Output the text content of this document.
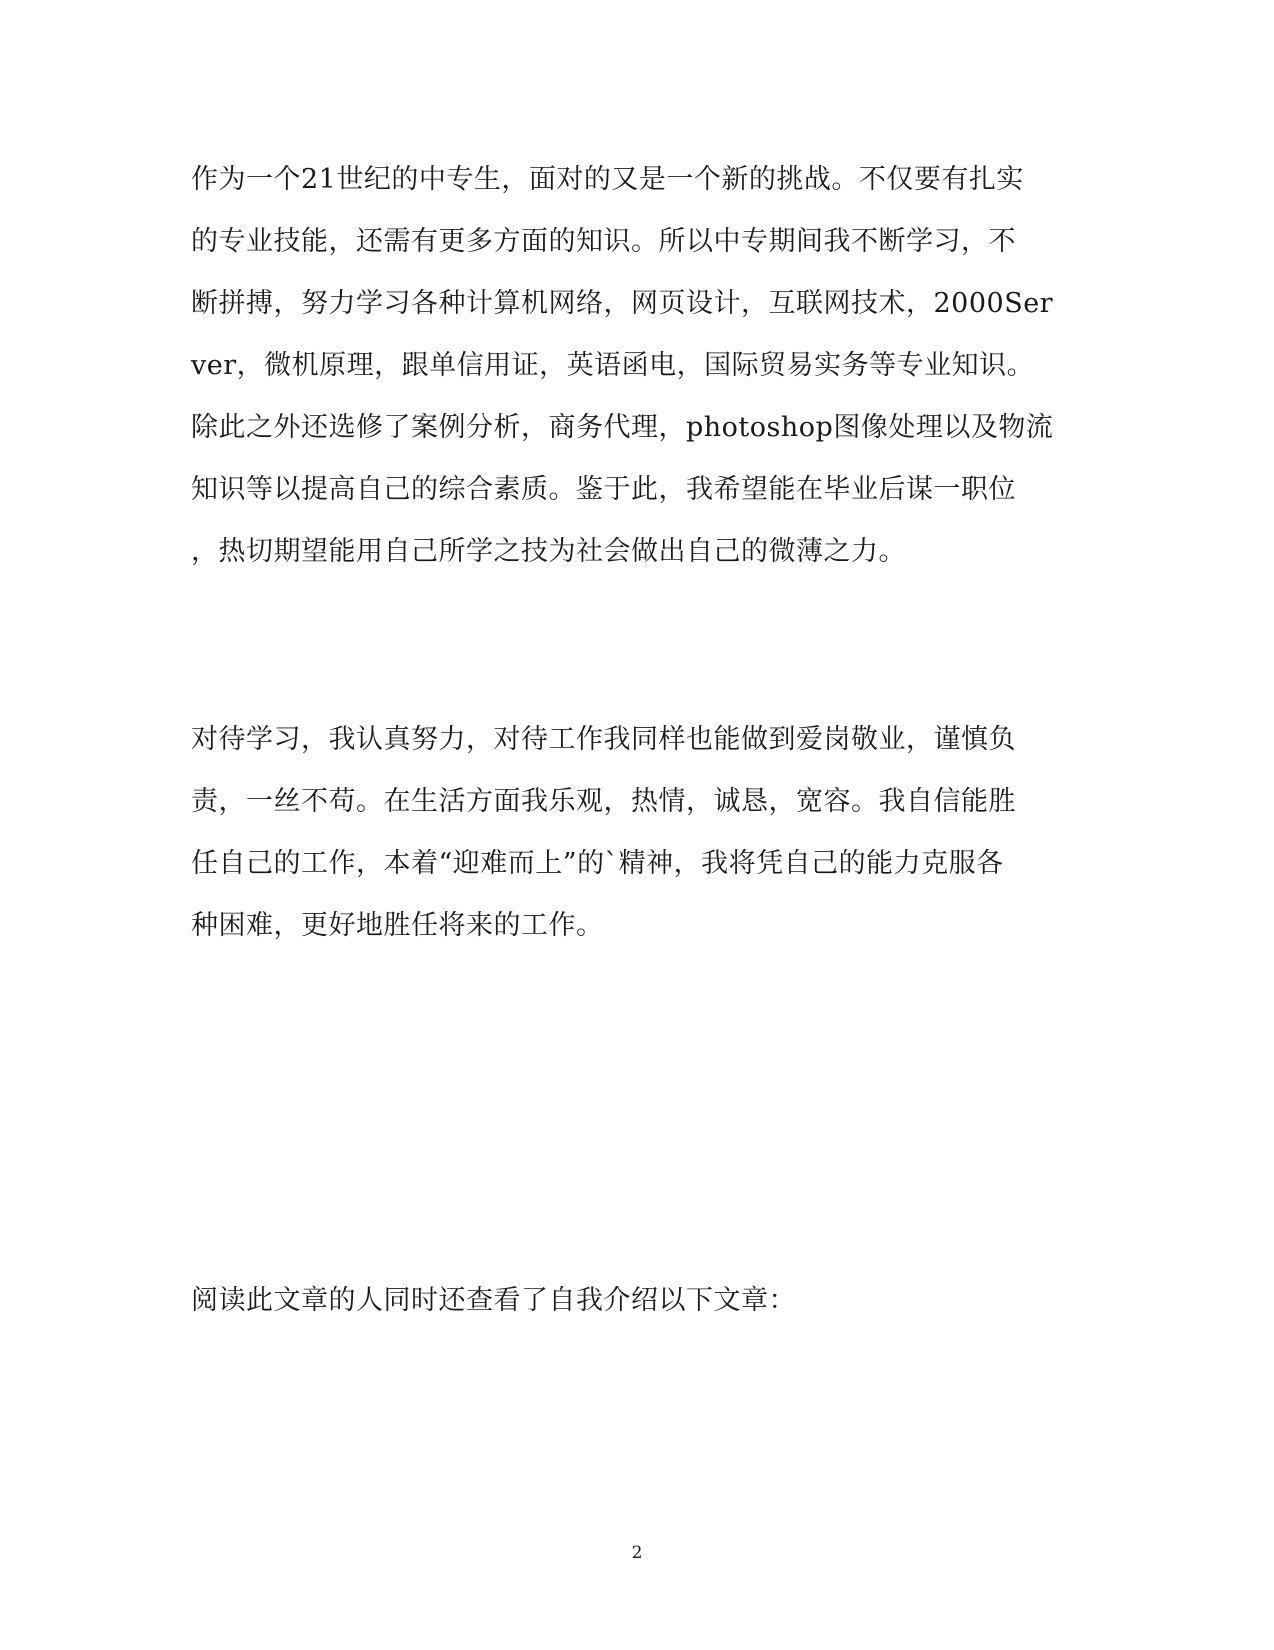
作为一个21世纪的中专生，面对的又是一个新的挑战。不仅要有扎实
的专业技能，还需有更多方面的知识。所以中专期间我不断学习，不
断拼搏，努力学习各种计算机网络，网页设计，互联网技术，2000Ser
ver，微机原理，跟单信用证，英语函电，国际贸易实务等专业知识。
除此之外还选修了案例分析，商务代理，photoshop图像处理以及物流
知识等以提高自己的综合素质。鉴于此，我希望能在毕业后谋一职位
，热切期望能用自己所学之技为社会做出自己的微薄之力。
对待学习，我认真努力，对待工作我同样也能做到爱岗敬业，谨慎负
责，一丝不苟。在生活方面我乐观，热情，诚恳，宽容。我自信能胜
任自己的工作，本着“迎难而上”的`精神，我将凭自己的能力克服各
种困难，更好地胜任将来的工作。
阅读此文章的人同时还查看了自我介绍以下文章：
2
